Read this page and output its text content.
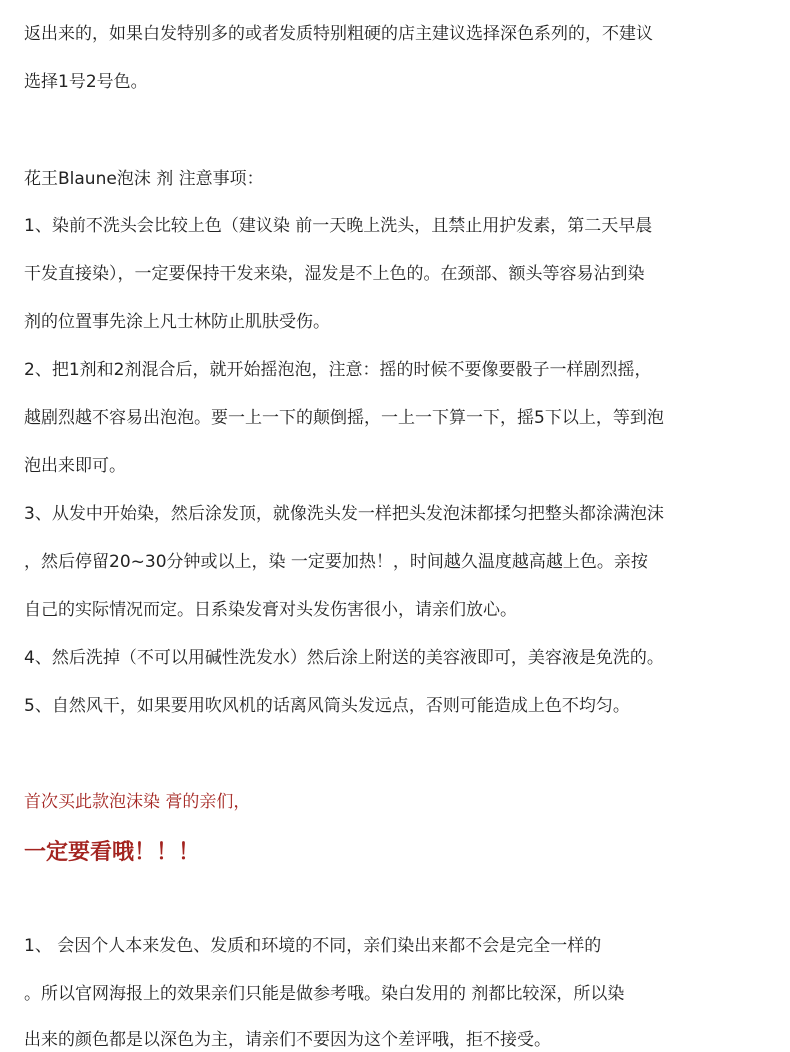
返出来的，如果白发特别多的或者发质特别粗硬的店主建议选择深色系列的，不建议
选择1号2号色。
花王Blaune泡沫 剂 注意事项：
1、染前不洗头会比较上色（建议染 前一天晚上洗头，且禁止用护发素，第二天早晨
干发直接染），一定要保持干发来染，湿发是不上色的。在颈部、额头等容易沾到染
剂的位置事先涂上凡士林防止肌肤受伤。
2、把1剂和2剂混合后，就开始摇泡泡，注意：摇的时候不要像要骰子一样剧烈摇，
越剧烈越不容易出泡泡。要一上一下的颠倒摇，一上一下算一下，摇5下以上，等到泡
泡出来即可。
3、从发中开始染，然后涂发顶，就像洗头发一样把头发泡沫都揉匀把整头都涂满泡沫
，然后停留20~30分钟或以上，染 一定要加热！，时间越久温度越高越上色。亲按
自己的实际情况而定。日系染发膏对头发伤害很小，请亲们放心。
4、然后洗掉（不可以用碱性洗发水）然后涂上附送的美容液即可，美容液是免洗的。
5、自然风干，如果要用吹风机的话离风筒头发远点，否则可能造成上色不均匀。
首次买此款泡沫染 膏的亲们，
一定要看哦！！！
1、 会因个人本来发色、发质和环境的不同，亲们染出来都不会是完全一样的
。所以官网海报上的效果亲们只能是做参考哦。染白发用的 剂都比较深，所以染
出来的颜色都是以深色为主，请亲们不要因为这个差评哦，拒不接受。
